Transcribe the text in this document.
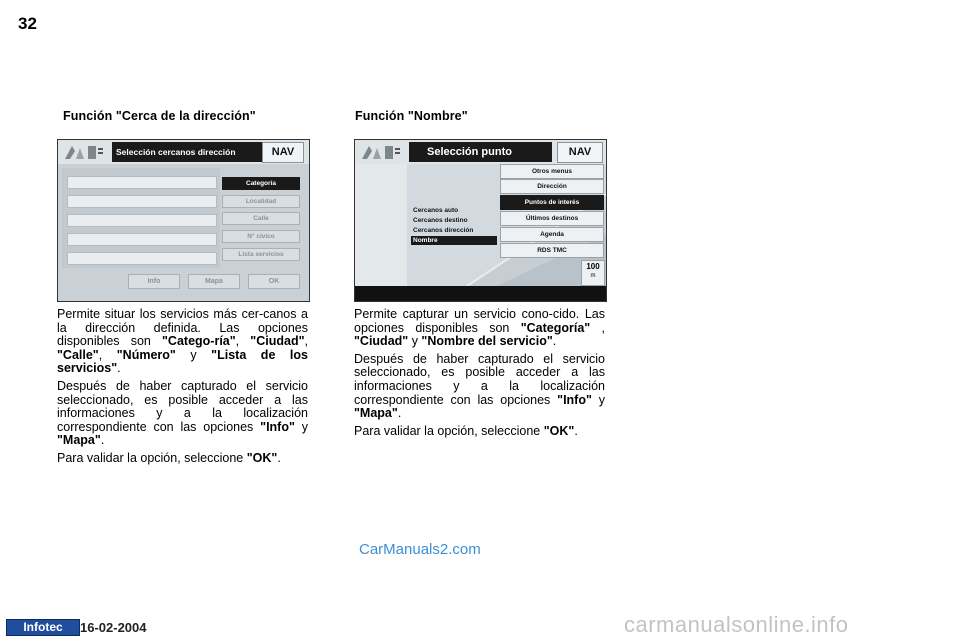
32
Función "Cerca de la dirección"
Selección cercanos dirección	NAV
Categoría
Localidad
Calle
N° cívico
Lista servicios
Info	Mapa	OK

Permite situar los servicios más cer-canos a la dirección definida. Las opciones disponibles son "Catego-ría", "Ciudad", "Calle", "Número" y "Lista de los servicios".

Después de haber capturado el servicio seleccionado, es posible acceder a las informaciones y a la localización correspondiente con las opciones "Info" y "Mapa".

Para validar la opción, seleccione "OK".

Función "Nombre"
Selección punto	NAV
Cercanos auto
Cercanos destino
Cercanos dirección
Nombre
Otros menus
Dirección
Puntos de interés
Últimos destinos
Agenda
RDS TMC
100
m

Permite capturar un servicio cono-cido. Las opciones disponibles son "Categoría" , "Ciudad" y "Nombre del servicio".

Después de haber capturado el servicio seleccionado, es posible acceder a las informaciones y a la localización correspondiente con las opciones "Info" y "Mapa".

Para validar la opción, seleccione "OK".

CarManuals2.com
Infotec	16-02-2004	carmanualsonline.info
